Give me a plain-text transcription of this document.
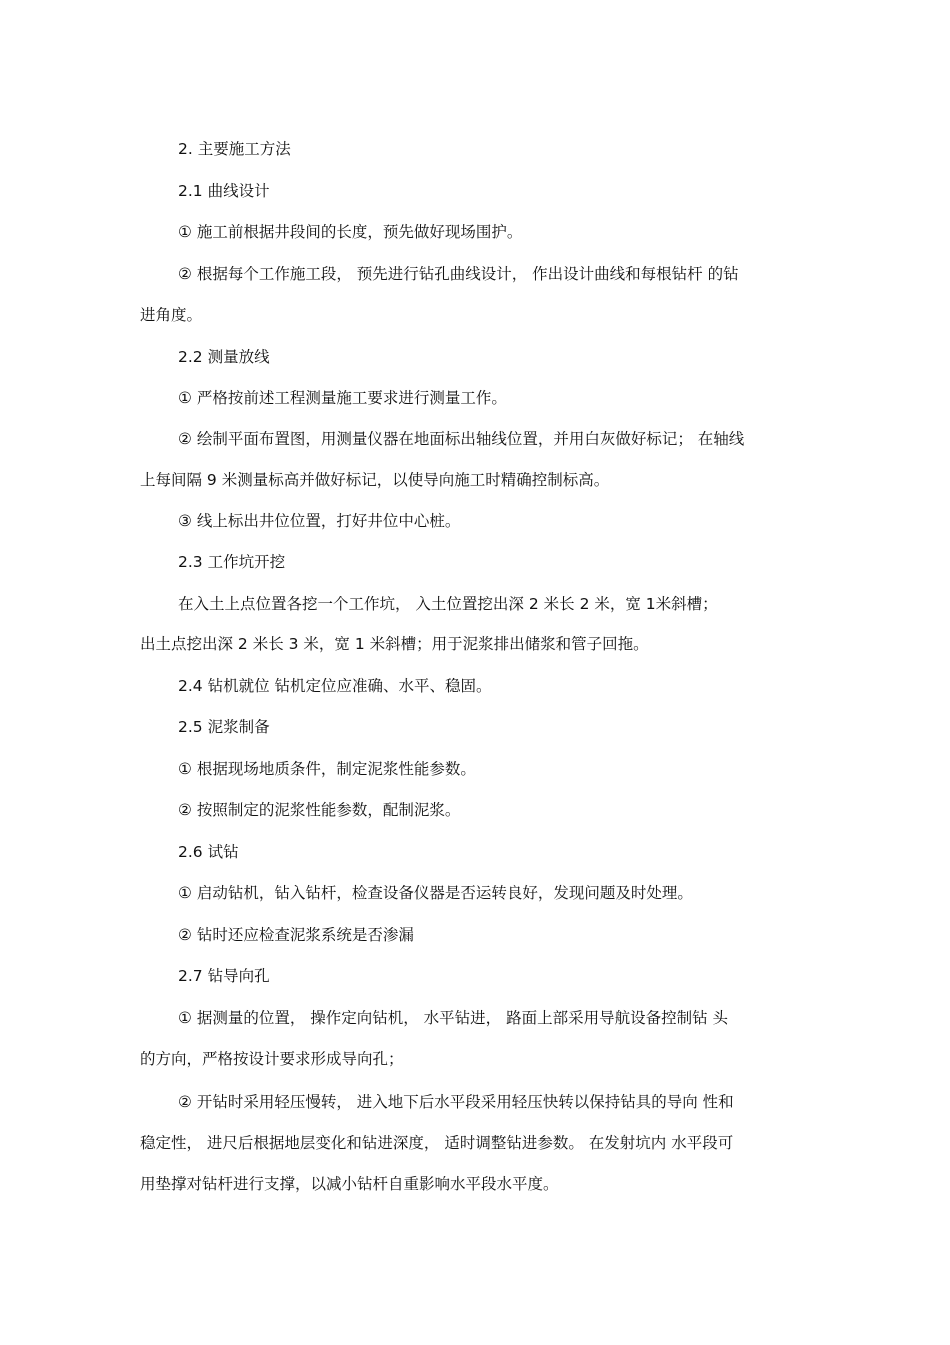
2. 主要施工方法
2.1 曲线设计
① 施工前根据井段间的长度，预先做好现场围护。
② 根据每个工作施工段， 预先进行钻孔曲线设计， 作出设计曲线和每根钻杆 的钻
进角度。
2.2 测量放线
① 严格按前述工程测量施工要求进行测量工作。
② 绘制平面布置图，用测量仪器在地面标出轴线位置，并用白灰做好标记； 在轴线
上每间隔 9 米测量标高并做好标记，以使导向施工时精确控制标高。
③ 线上标出井位位置，打好井位中心桩。
2.3 工作坑开挖
在入土上点位置各挖一个工作坑， 入土位置挖出深 2 米长 2 米，宽 1米斜槽；
出土点挖出深 2 米长 3 米，宽 1 米斜槽；用于泥浆排出储浆和管子回拖。
2.4 钻机就位 钻机定位应准确、水平、稳固。
2.5 泥浆制备
① 根据现场地质条件，制定泥浆性能参数。
② 按照制定的泥浆性能参数，配制泥浆。
2.6 试钻
① 启动钻机，钻入钻杆，检查设备仪器是否运转良好，发现问题及时处理。
② 钻时还应检查泥浆系统是否渗漏
2.7 钻导向孔
① 据测量的位置， 操作定向钻机， 水平钻进， 路面上部采用导航设备控制钻 头
的方向，严格按设计要求形成导向孔；
② 开钻时采用轻压慢转， 进入地下后水平段采用轻压快转以保持钻具的导向 性和
稳定性， 进尺后根据地层变化和钻进深度， 适时调整钻进参数。 在发射坑内 水平段可
用垫撑对钻杆进行支撑，以减小钻杆自重影响水平段水平度。
